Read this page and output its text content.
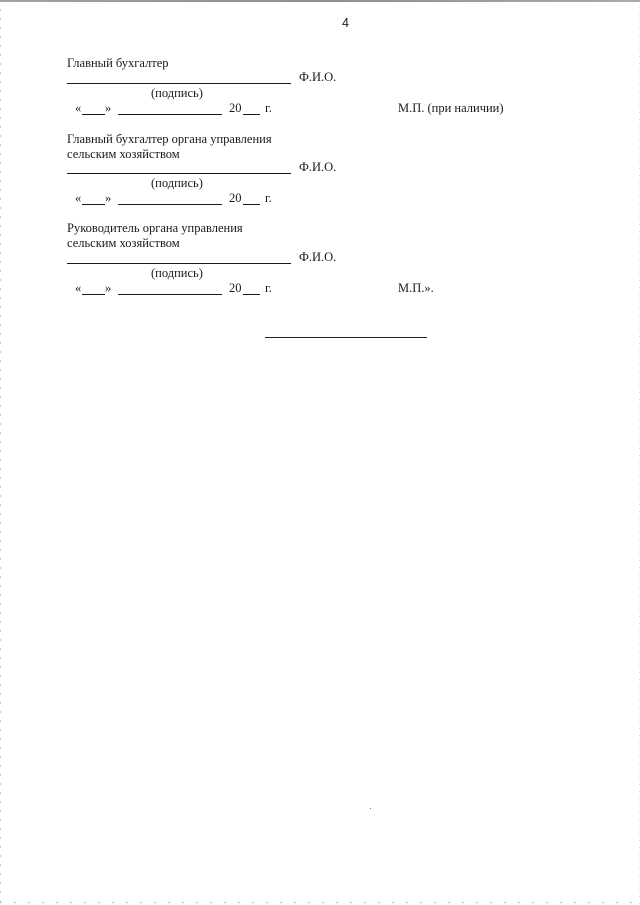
4
Главный бухгалтер
Ф.И.О.
(подпись)
« »	20 г.	М.П. (при наличии)
Главный бухгалтер органа управления
сельским хозяйством
Ф.И.О.
(подпись)
« »	20 г.
Руководитель органа управления
сельским хозяйством
Ф.И.О.
(подпись)
« »	20 г.	М.П.».
